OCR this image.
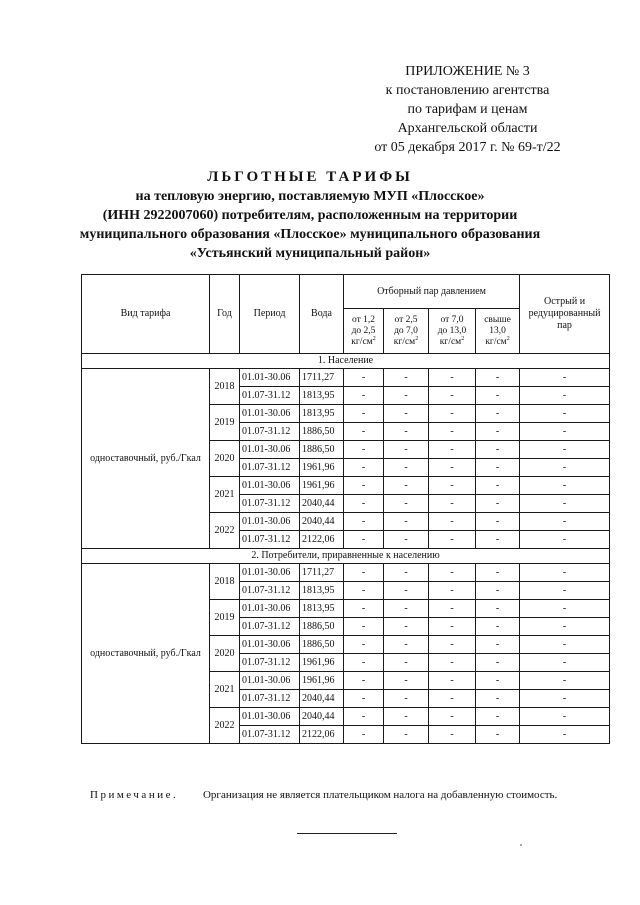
ПРИЛОЖЕНИЕ № 3
к постановлению агентства
по тарифам и ценам
Архангельской области
от 05 декабря 2017 г. № 69-т/22
ЛЬГОТНЫЕ ТАРИФЫ
на тепловую энергию, поставляемую МУП «Плосское»
(ИНН 2922007060) потребителям, расположенным на территории
муниципального образования «Плосское» муниципального образования
«Устьянский муниципальный район»
Вид тарифа	Год	Период	Вода	Отборный пар давлением				Острый и редуцированный пар
				от 1,2
до 2,5
$кг/см^2$	от 2,5
до 7,0
$кг/см^2$	от 7,0
до 13,0
$кг/см^2$	свыше
13,0
$кг/см^2$
1. Население								
одноставочный, руб./Гкал	2018	01.01-30.06	1711,27	-	-	-	-	-
		01.07-31.12	1813,95	-	-	-	-	-
	2019	01.01-30.06	1813,95	-	-	-	-	-
		01.07-31.12	1886,50	-	-	-	-	-
	2020	01.01-30.06	1886,50	-	-	-	-	-
		01.07-31.12	1961,96	-	-	-	-	-
	2021	01.01-30.06	1961,96	-	-	-	-	-
		01.07-31.12	2040,44	-	-	-	-	-
	2022	01.01-30.06	2040,44	-	-	-	-	-
		01.07-31.12	2122,06	-	-	-	-	-
2. Потребители, приравненные к населению								
одноставочный, руб./Гкал	2018	01.01-30.06	1711,27	-	-	-	-	-
		01.07-31.12	1813,95	-	-	-	-	-
	2019	01.01-30.06	1813,95	-	-	-	-	-
		01.07-31.12	1886,50	-	-	-	-	-
	2020	01.01-30.06	1886,50	-	-	-	-	-
		01.07-31.12	1961,96	-	-	-	-	-
	2021	01.01-30.06	1961,96	-	-	-	-	-
		01.07-31.12	2040,44	-	-	-	-	-
	2022	01.01-30.06	2040,44	-	-	-	-	-
		01.07-31.12	2122,06	-	-	-	-	-
Примечание. Организация не является плательщиком налога на добавленную стоимость.
